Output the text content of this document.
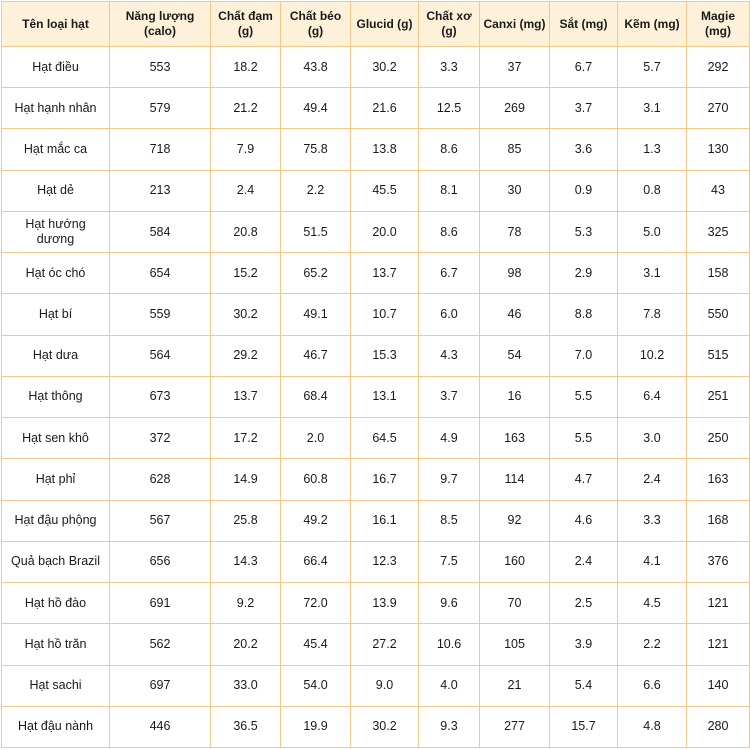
Tên loại hạt	Năng lượng (calo)	Chất đạm (g)	Chất béo (g)	Glucid (g)	Chất xơ (g)	Canxi (mg)	Sắt (mg)	Kẽm (mg)	Magie (mg)
Hạt điều	553	18.2	43.8	30.2	3.3	37	6.7	5.7	292
Hạt hạnh nhân	579	21.2	49.4	21.6	12.5	269	3.7	3.1	270
Hạt mắc ca	718	7.9	75.8	13.8	8.6	85	3.6	1.3	130
Hạt dẻ	213	2.4	2.2	45.5	8.1	30	0.9	0.8	43
Hạt hướng dương	584	20.8	51.5	20.0	8.6	78	5.3	5.0	325
Hạt óc chó	654	15.2	65.2	13.7	6.7	98	2.9	3.1	158
Hạt bí	559	30.2	49.1	10.7	6.0	46	8.8	7.8	550
Hạt dưa	564	29.2	46.7	15.3	4.3	54	7.0	10.2	515
Hạt thông	673	13.7	68.4	13.1	3.7	16	5.5	6.4	251
Hạt sen khô	372	17.2	2.0	64.5	4.9	163	5.5	3.0	250
Hạt phỉ	628	14.9	60.8	16.7	9.7	114	4.7	2.4	163
Hạt đậu phộng	567	25.8	49.2	16.1	8.5	92	4.6	3.3	168
Quả bạch Brazil	656	14.3	66.4	12.3	7.5	160	2.4	4.1	376
Hạt hồ đào	691	9.2	72.0	13.9	9.6	70	2.5	4.5	121
Hạt hồ trăn	562	20.2	45.4	27.2	10.6	105	3.9	2.2	121
Hạt sachi	697	33.0	54.0	9.0	4.0	21	5.4	6.6	140
Hạt đậu nành	446	36.5	19.9	30.2	9.3	277	15.7	4.8	280
